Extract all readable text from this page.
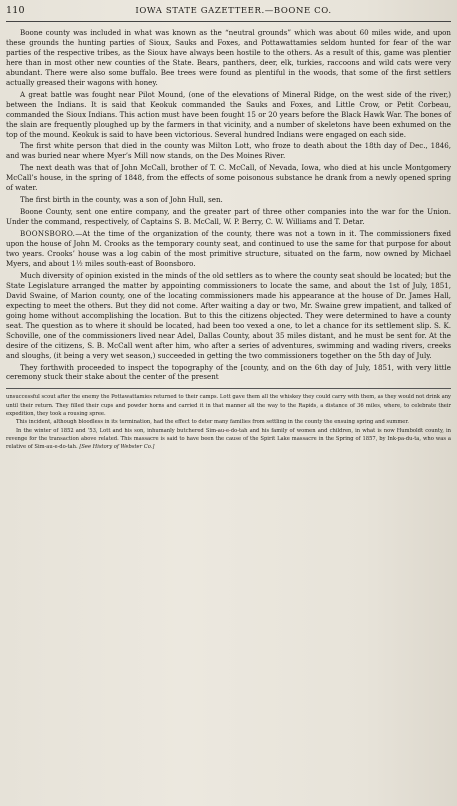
110	IOWA STATE GAZETTEER.—BOONE CO.

Boone county was included in what was known as the “neutral grounds” which was about 60 miles wide, and upon these grounds the hunting parties of Sioux, Sauks and Foxes, and Pottawattamies seldom hunted for fear of the war parties of the respective tribes, as the Sioux have always been hostile to the others. As a result of this, game was plentier here than in most other new counties of the State. Bears, panthers, deer, elk, turkies, raccoons and wild cats were very abundant. There were also some buffalo. Bee trees were found as plentiful in the woods, that some of the first settlers actually greased their wagons with honey.

A great battle was fought near Pilot Mound, (one of the elevations of Mineral Ridge, on the west side of the river,) between the Indians. It is said that Keokuk commanded the Sauks and Foxes, and Little Crow, or Petit Corbeau, commanded the Sioux Indians. This action must have been fought 15 or 20 years before the Black Hawk War. The bones of the slain are frequently ploughed up by the farmers in that vicinity, and a number of skeletons have been exhumed on the top of the mound. Keokuk is said to have been victorious. Several hundred Indians were engaged on each side.

The first white person that died in the county was Milton Lott, who froze to death about the 18th day of Dec., 1846, and was buried near where Myer’s Mill now stands, on the Des Moines River.

The next death was that of John McCall, brother of T. C. McCall, of Nevada, Iowa, who died at his uncle Montgomery McCall’s house, in the spring of 1848, from the effects of some poisonous substance he drank from a newly opened spring of water.

The first birth in the county, was a son of John Hull, sen.

Boone County, sent one entire company, and the greater part of three other companies into the war for the Union. Under the command, respectively, of Captains S. B. McCall, W. P. Berry, C. W. Williams and T. Detar.

BOONSBORO.—At the time of the organization of the county, there was not a town in it. The commissioners fixed upon the house of John M. Crooks as the temporary county seat, and continued to use the same for that purpose for about two years. Crooks’ house was a log cabin of the most primitive structure, situated on the farm, now owned by Michael Myers, and about 1½ miles south-east of Boonsboro.

Much diversity of opinion existed in the minds of the old settlers as to where the county seat should be located; but the State Legislature arranged the matter by appointing commissioners to locate the same, and about the 1st of July, 1851, David Swaine, of Marion county, one of the locating commissioners made his appearance at the house of Dr. James Hall, expecting to meet the others. But they did not come. After waiting a day or two, Mr. Swaine grew impatient, and talked of going home without accomplishing the location. But to this the citizens objected. They were determined to have a county seat. The question as to where it should be located, had been too vexed a one, to let a chance for its settlement slip. S. K. Schoville, one of the commissioners lived near Adel, Dallas County, about 35 miles distant, and he must be sent for. At the desire of the citizens, S. B. McCall went after him, who after a series of adventures, swimming and wading rivers, creeks and sloughs, (it being a very wet season,) succeeded in getting the two commissioners together on the 5th day of July.

They forthwith proceeded to inspect the topography of the [county, and on the 6th day of July, 1851, with very little ceremony stuck their stake about the center of the present

unsuccessful scout after the enemy the Pottawattamies returned to their camps. Lott gave them all the whiskey they could carry with them, as they would not drink any until their return. They filled their cups and powder horns and carried it in that manner all the way to the Rapids, a distance of 36 miles, where, to celebrate their expedition, they took a rousing spree.

This incident, although bloodless in its termination, had the effect to deter many families from settling in the county the ensuing spring and summer.

In the winter of 1852 and ’53, Lott and his son, inhumanly butchered Sim-au-e-do-tah and his family of women and children, in what is now Humboldt county, in revenge for the transaction above related. This massacre is said to have been the cause of the Spirit Lake massacre in the Spring of 1857, by Ink-pa-du-ta, who was a relative of Sim-au-e-do-tah. [See History of Webster Co.]
